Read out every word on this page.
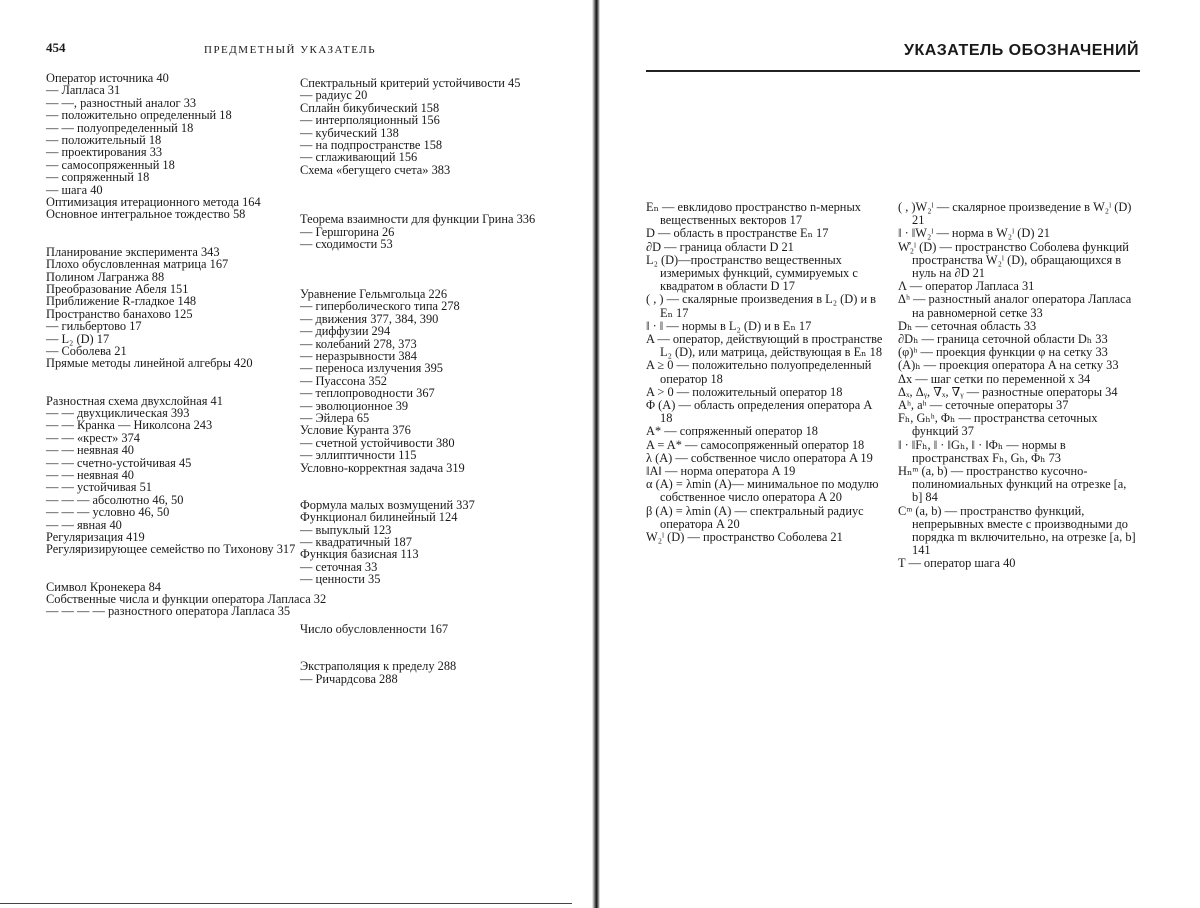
454	ПРЕДМЕТНЫЙ УКАЗАТЕЛЬ
Оператор источника 40
— Лапласа 31
— —, разностный аналог 33
— положительно определенный 18
— — полуопределенный 18
— положительный 18
— проектирования 33
— самосопряженный 18
— сопряженный 18
— шага 40
Оптимизация итерационного метода 164
Основное интегральное тождество 58

Планирование эксперимента 343
Плохо обусловленная матрица 167
Полином Лагранжа 88
Преобразование Абеля 151
Приближение R-гладкое 148
Пространство банахово 125
— гильбертово 17
— L₂ (D) 17
— Соболева 21
Прямые методы линейной алгебры 420

Разностная схема двухслойная 41
— — двухциклическая 393
— — Кранка — Николсона 243
— — «крест» 374
— — неявная 40
— — счетно-устойчивая 45
— — неявная 40
— — устойчивая 51
— — — абсолютно 46, 50
— — — условно 46, 50
— — явная 40
Регуляризация 419
Регуляризирующее семейство по Тихонову 317

Символ Кронекера 84
Собственные числа и функции оператора Лапласа 32
— — — — разностного оператора Лапласа 35
Спектральный критерий устойчивости 45
— радиус 20
Сплайн бикубический 158
— интерполяционный 156
— кубический 138
— на подпространстве 158
— сглаживающий 156
Схема «бегущего счета» 383

Теорема взаимности для функции Грина 336
— Гершгорина 26
— сходимости 53

Уравнение Гельмгольца 226
— гиперболического типа 278
— движения 377, 384, 390
— диффузии 294
— колебаний 278, 373
— неразрывности 384
— переноса излучения 395
— Пуассона 352
— теплопроводности 367
— эволюционное 39
— Эйлера 65
Условие Куранта 376
— счетной устойчивости 380
— эллиптичности 115
Условно-корректная задача 319

Формула малых возмущений 337
Функционал билинейный 124
— выпуклый 123
— квадратичный 187
Функция базисная 113
— сеточная 33
— ценности 35

Число обусловленности 167

Экстраполяция к пределу 288
— Ричардсова 288
УКАЗАТЕЛЬ ОБОЗНАЧЕНИЙ
Eₙ — евклидово пространство n-мерных вещественных векторов 17
D — область в пространстве Eₙ 17
∂D — граница области D 21
L₂ (D)—пространство вещественных измеримых функций, суммируемых с квадратом в области D 17
( , ) — скалярные произведения в L₂ (D) и в Eₙ 17
‖ · ‖ — нормы в L₂ (D) и в Eₙ 17
A — оператор, действующий в пространстве L₂ (D), или матрица, действующая в Eₙ 18
A ≥ 0 — положительно полуопределенный оператор 18
A > 0 — положительный оператор 18
Φ (A) — область определения оператора A 18
A* — сопряженный оператор 18
A = A* — самосопряженный оператор 18
λ (A) — собственное число оператора A 19
‖A‖ — норма оператора A 19
α (A) = λmin (A)— минимальное по модулю собственное число оператора A 20
β (A) = λmin (A) — спектральный радиус оператора A 20
W₂ˡ (D) — пространство Соболева 21
( , )W₂ˡ — скалярное произведение в W₂ˡ (D) 21
‖ · ‖W₂ˡ — норма в W₂ˡ (D) 21
W̊₂ˡ (D) — пространство Соболева функций пространства W₂ˡ (D), обращающихся в нуль на ∂D 21
Λ — оператор Лапласа 31
Δʰ — разностный аналог оператора Лапласа на равномерной сетке 33
Dₕ — сеточная область 33
∂Dₕ — граница сеточной области Dₕ 33
(φ)ʰ — проекция функции φ на сетку 33
(A)ₕ — проекция оператора A на сетку 33
Δx — шаг сетки по переменной x 34
Δₓ, Δᵧ, ∇ₓ, ∇ᵧ — разностные операторы 34
Aʰ, aʰ — сеточные операторы 37
Fₕ, Gₕʰ, Φₕ — пространства сеточных функций 37
‖ · ‖Fₕ, ‖ · ‖Gₕ, ‖ · ‖Φₕ — нормы в пространствах Fₕ, Gₕ, Φₕ 73
Hₙᵐ (a, b) — пространство кусочно-полиномиальных функций на отрезке [a, b] 84
Cᵐ (a, b) — пространство функций, непрерывных вместе с производными до порядка m включительно, на отрезке [a, b] 141
T — оператор шага 40
